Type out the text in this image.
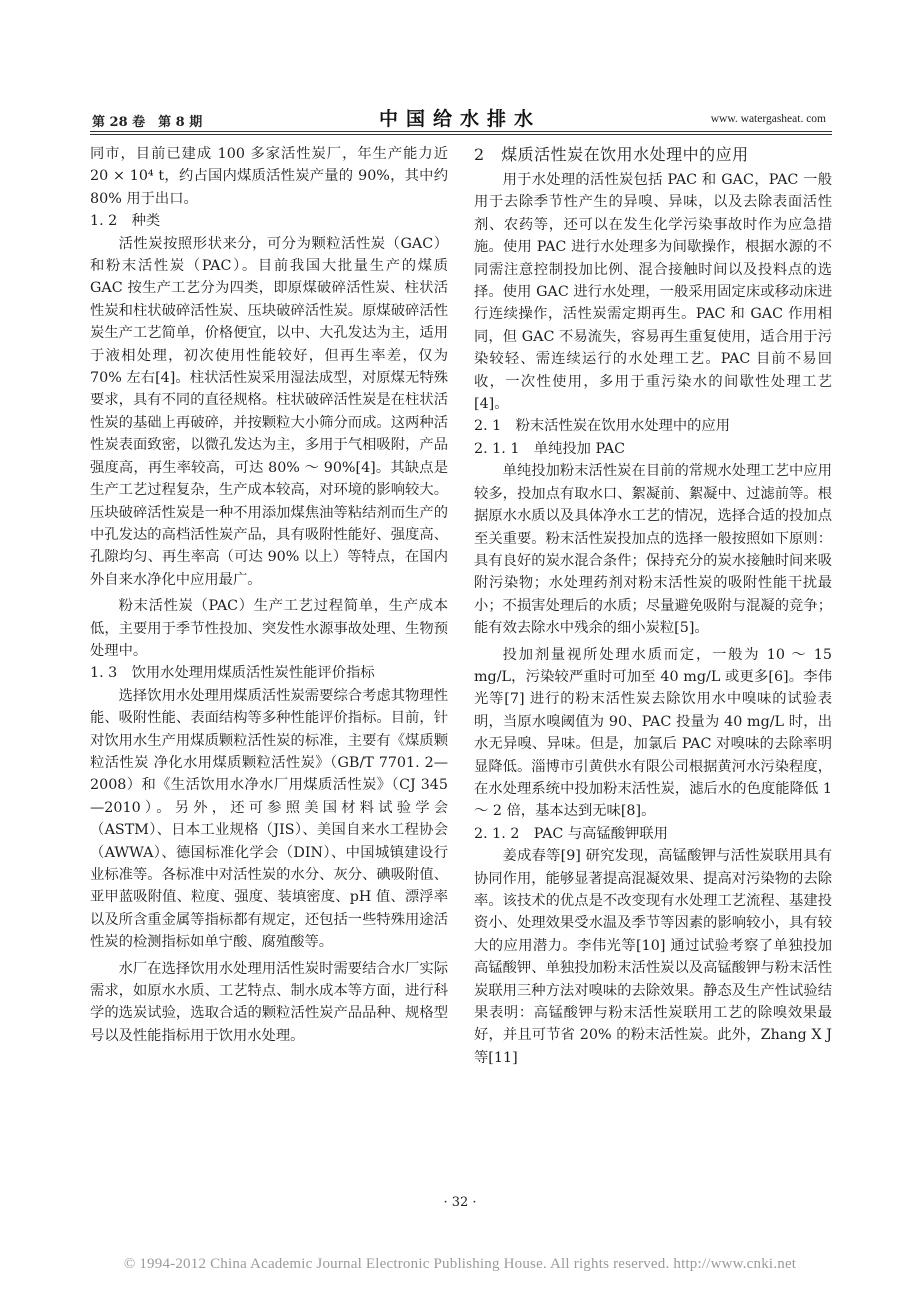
第 28 卷　第 8 期	中国给水排水	www. watergasheat. com

同市，目前已建成 100 多家活性炭厂，年生产能力近 20 × 10⁴ t，约占国内煤质活性炭产量的 90%，其中约 80% 用于出口。

1. 2　种类

活性炭按照形状来分，可分为颗粒活性炭（GAC）和粉末活性炭（PAC）。目前我国大批量生产的煤质 GAC 按生产工艺分为四类，即原煤破碎活性炭、柱状活性炭和柱状破碎活性炭、压块破碎活性炭。原煤破碎活性炭生产工艺简单，价格便宜，以中、大孔发达为主，适用于液相处理，初次使用性能较好，但再生率差，仅为 70% 左右[4]。柱状活性炭采用湿法成型，对原煤无特殊要求，具有不同的直径规格。柱状破碎活性炭是在柱状活性炭的基础上再破碎，并按颗粒大小筛分而成。这两种活性炭表面致密，以微孔发达为主，多用于气相吸附，产品强度高，再生率较高，可达 80% ～ 90%[4]。其缺点是生产工艺过程复杂，生产成本较高，对环境的影响较大。压块破碎活性炭是一种不用添加煤焦油等粘结剂而生产的中孔发达的高档活性炭产品，具有吸附性能好、强度高、孔隙均匀、再生率高（可达 90% 以上）等特点，在国内外自来水净化中应用最广。

粉末活性炭（PAC）生产工艺过程简单，生产成本低，主要用于季节性投加、突发性水源事故处理、生物预处理中。

1. 3　饮用水处理用煤质活性炭性能评价指标

选择饮用水处理用煤质活性炭需要综合考虑其物理性能、吸附性能、表面结构等多种性能评价指标。目前，针对饮用水生产用煤质颗粒活性炭的标准，主要有《煤质颗粒活性炭 净化水用煤质颗粒活性炭》（GB/T 7701. 2—2008）和《生活饮用水净水厂用煤质活性炭》（CJ 345—2010）。另外，还可参照美国材料试验学会（ASTM）、日本工业规格（JIS）、美国自来水工程协会（AWWA）、德国标准化学会（DIN）、中国城镇建设行业标准等。各标准中对活性炭的水分、灰分、碘吸附值、亚甲蓝吸附值、粒度、强度、装填密度、pH 值、漂浮率以及所含重金属等指标都有规定，还包括一些特殊用途活性炭的检测指标如单宁酸、腐殖酸等。

水厂在选择饮用水处理用活性炭时需要结合水厂实际需求，如原水水质、工艺特点、制水成本等方面，进行科学的选炭试验，选取合适的颗粒活性炭产品品种、规格型号以及性能指标用于饮用水处理。

2　煤质活性炭在饮用水处理中的应用

用于水处理的活性炭包括 PAC 和 GAC，PAC 一般用于去除季节性产生的异嗅、异味，以及去除表面活性剂、农药等，还可以在发生化学污染事故时作为应急措施。使用 PAC 进行水处理多为间歇操作，根据水源的不同需注意控制投加比例、混合接触时间以及投料点的选择。使用 GAC 进行水处理，一般采用固定床或移动床进行连续操作，活性炭需定期再生。PAC 和 GAC 作用相同，但 GAC 不易流失，容易再生重复使用，适合用于污染较轻、需连续运行的水处理工艺。PAC 目前不易回收，一次性使用，多用于重污染水的间歇性处理工艺[4]。

2. 1　粉末活性炭在饮用水处理中的应用
2. 1. 1　单纯投加 PAC

单纯投加粉末活性炭在目前的常规水处理工艺中应用较多，投加点有取水口、絮凝前、絮凝中、过滤前等。根据原水水质以及具体净水工艺的情况，选择合适的投加点至关重要。粉末活性炭投加点的选择一般按照如下原则：具有良好的炭水混合条件；保持充分的炭水接触时间来吸附污染物；水处理药剂对粉末活性炭的吸附性能干扰最小；不损害处理后的水质；尽量避免吸附与混凝的竞争；能有效去除水中残余的细小炭粒[5]。

投加剂量视所处理水质而定，一般为 10 ～ 15 mg/L，污染较严重时可加至 40 mg/L 或更多[6]。李伟光等[7] 进行的粉末活性炭去除饮用水中嗅味的试验表明，当原水嗅阈值为 90、PAC 投量为 40 mg/L 时，出水无异嗅、异味。但是，加氯后 PAC 对嗅味的去除率明显降低。淄博市引黄供水有限公司根据黄河水污染程度，在水处理系统中投加粉末活性炭，滤后水的色度能降低 1 ～ 2 倍，基本达到无味[8]。

2. 1. 2　PAC 与高锰酸钾联用

姜成春等[9] 研究发现，高锰酸钾与活性炭联用具有协同作用，能够显著提高混凝效果、提高对污染物的去除率。该技术的优点是不改变现有水处理工艺流程、基建投资小、处理效果受水温及季节等因素的影响较小，具有较大的应用潜力。李伟光等[10] 通过试验考察了单独投加高锰酸钾、单独投加粉末活性炭以及高锰酸钾与粉末活性炭联用三种方法对嗅味的去除效果。静态及生产性试验结果表明：高锰酸钾与粉末活性炭联用工艺的除嗅效果最好，并且可节省 20% 的粉末活性炭。此外，Zhang X J 等[11]

· 32 ·
© 1994-2012 China Academic Journal Electronic Publishing House. All rights reserved. http://www.cnki.net
